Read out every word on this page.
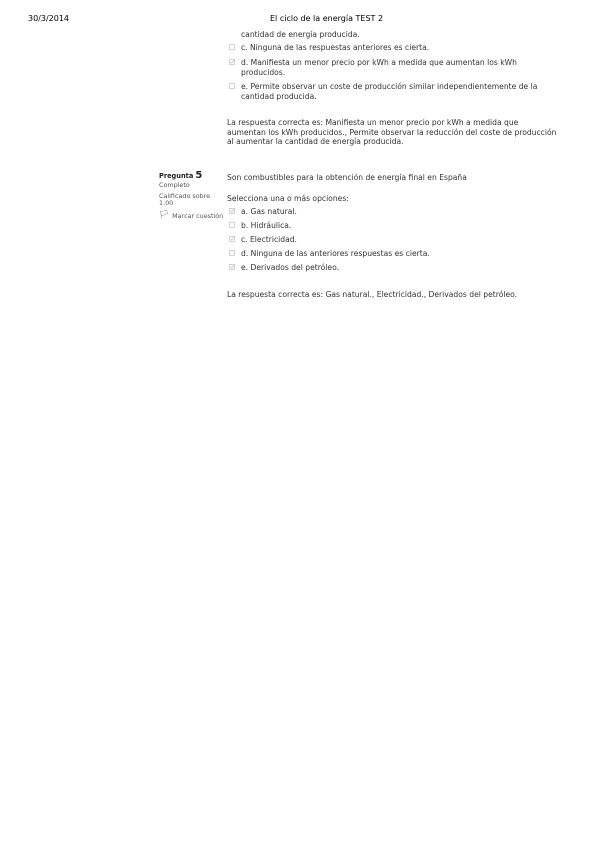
30/3/2014	El ciclo de la energía TEST 2
cantidad de energía producida.
c. Ninguna de las respuestas anteriores es cierta.
✓ d. Manifiesta un menor precio por kWh a medida que aumentan los kWh producidos.
e. Permite observar un coste de producción similar independientemente de la cantidad producida.
La respuesta correcta es: Manifiesta un menor precio por kWh a medida que aumentan los kWh producidos., Permite observar la reducción del coste de producción al aumentar la cantidad de energía producida.
Pregunta 5
Completo
Calificado sobre 1.00
🏳︎ Marcar cuestión
Son combustibles para la obtención de energía final en España
Selecciona una o más opciones:
✓ a. Gas natural.
b. Hidráulica.
✓ c. Electricidad.
d. Ninguna de las anteriores respuestas es cierta.
✓ e. Derivados del petróleo.
La respuesta correcta es: Gas natural., Electricidad., Derivados del petróleo.
